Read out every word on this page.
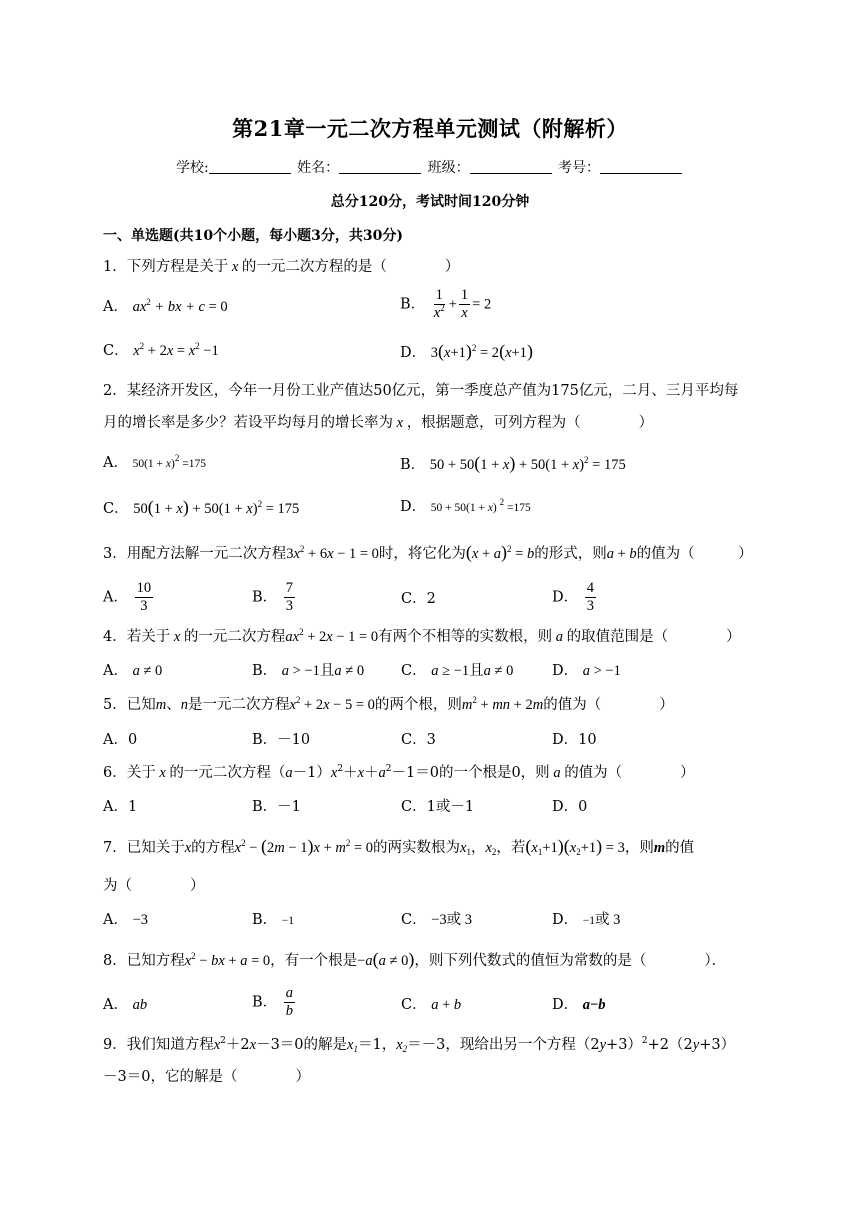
第21章一元二次方程单元测试（附解析）
学校:	姓名：	班级：	考号：
总分120分，考试时间120分钟
一、单选题(共10个小题，每小题3分，共30分)
1．下列方程是关于 x 的一元二次方程的是（　　　　）
A． $ax^2$ + bx + c = 0	B． $\frac{1}{x^2} + \frac{1}{x} = 2$
C． $x^2 + 2x = x^2 -1$	D． $3(x+1)^2 = 2(x+1)$
2．某经济开发区，今年一月份工业产值达50亿元，第一季度总产值为175亿元，二月、三月平均每
月的增长率是多少？若设平均每月的增长率为 x ，根据题意，可列方程为（　　　　）
A． $50(1 + x)^2 =175$	B． $50 + 50(1 + x) + 50(1 + x)^2 = 175$
C． $50(1 + x) + 50(1 + x)^2 = 175$	D． 50 + 50(1 + x) $^2$ =175
3．用配方法解一元二次方程$3x^2 + 6x - 1 = 0$时，将它化为$(x + a)^2 = b$的形式，则a + b的值为（　　　）
A． $\frac{10}{3}$	B． $\frac{7}{3}$	C．2	D． $\frac{4}{3}$
4．若关于 x 的一元二次方程$ax^2 + 2x - 1 = 0$有两个不相等的实数根，则 a 的取值范围是（　　　　）
A． a ≠ 0	B． a > −1且a ≠ 0	C． a ≥ −1且a ≠ 0	D． a > −1
5．已知m、n是一元二次方程$x^2 + 2x - 5 = 0$的两个根，则$m^2$ + mn + 2m的值为（　　　　）
A．0	B．－10	C．3	D．10
6．关于 x 的一元二次方程$(a-1)x^2+x+a^2-1=0$的一个根是0，则 a 的值为（　　　　）
A．1	B．－1	C．1或－1	D．0
7．已知关于x的方程$x^2 - (2m - 1)x + m^2 = 0$的两实数根为$x_1$，$x_2$，若$(x_1+1)(x_2+1) = 3$，则m的值
为（　　　　）
A． −3	B． −1	C． −3或 3	D． −1或 3
8．已知方程$x^2$ − bx + a = 0，有一个根是−a(a ≠ 0)，则下列代数式的值恒为常数的是（　　　　）．
A． ab	B． $\frac{a}{b}$	C． a + b	D． a−b
9．我们知道方程$x^2+2x-3=0$的解是$x_1=1$，$x_2=-3$，现给出另一个方程$(2y+3)^2+2(2y+3)$
－3＝0，它的解是（　　　　）
